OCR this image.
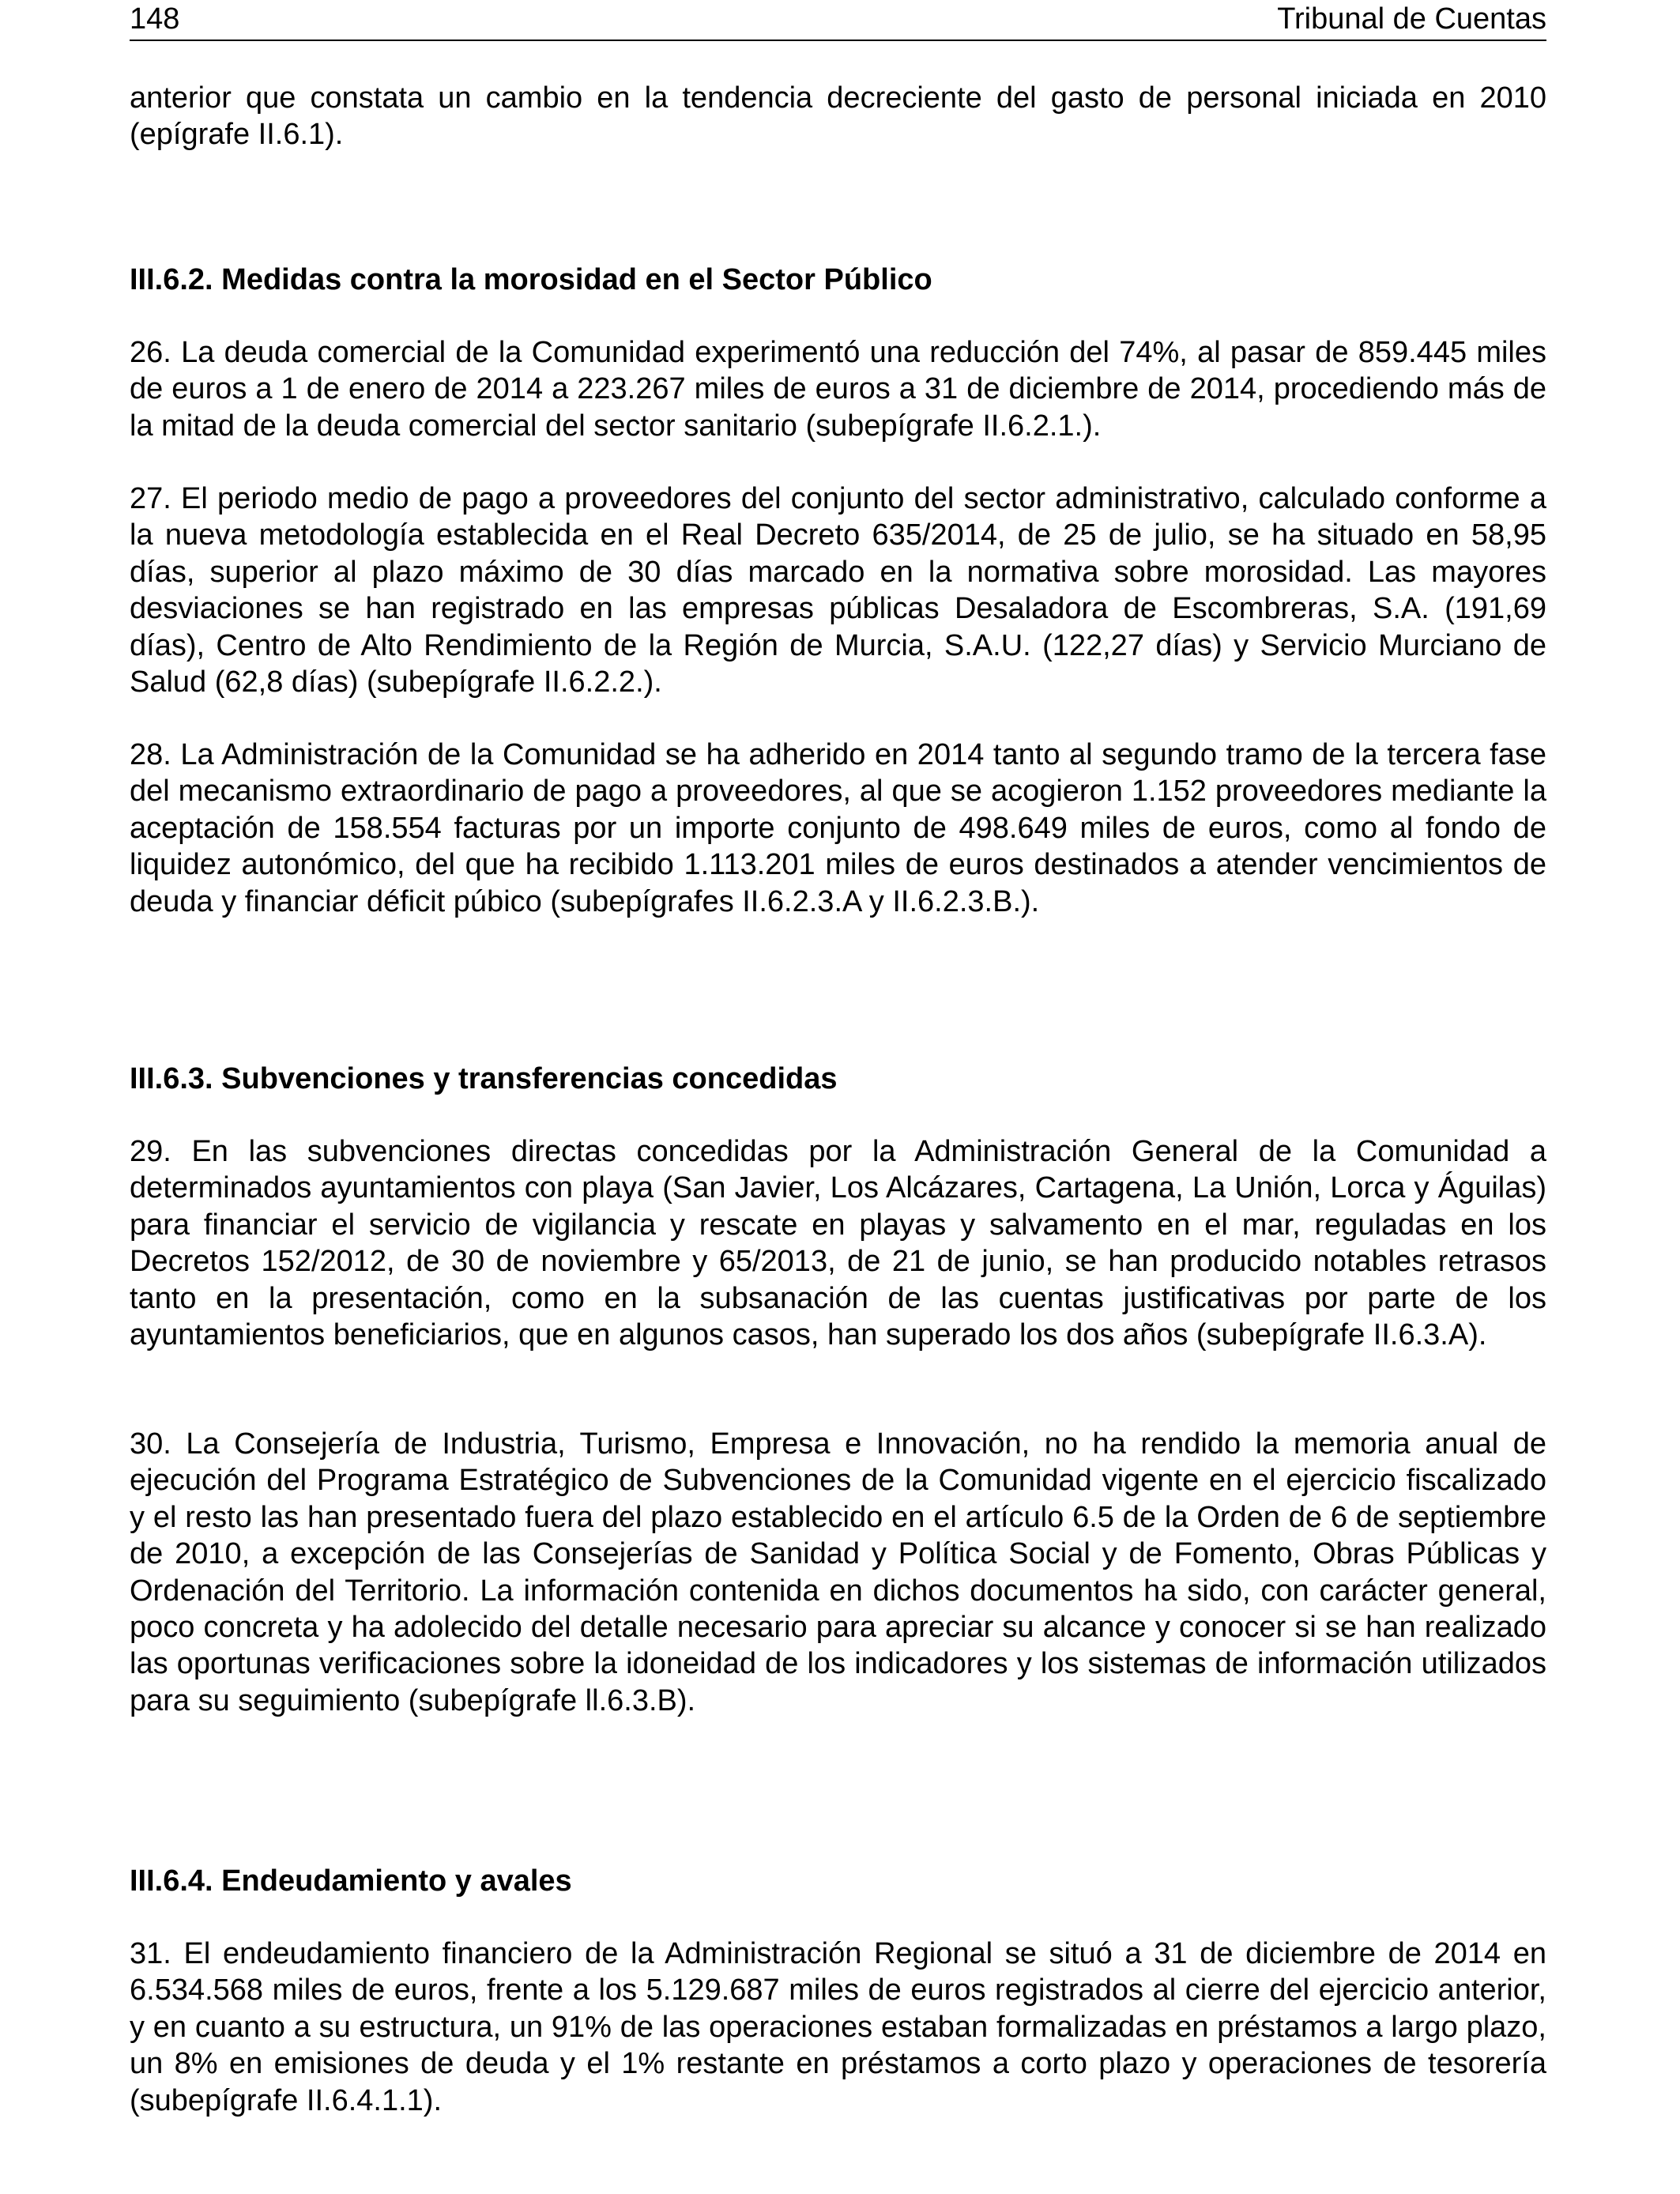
148	Tribunal de Cuentas

anterior que constata un cambio en la tendencia decreciente del gasto de personal iniciada en 2010 (epígrafe II.6.1).

III.6.2. Medidas contra la morosidad en el Sector Público

26. La deuda comercial de la Comunidad experimentó una reducción del 74%, al pasar de 859.445 miles de euros a 1 de enero de 2014 a 223.267 miles de euros a 31 de diciembre de 2014, procediendo más de la mitad de la deuda comercial del sector sanitario (subepígrafe II.6.2.1.).

27. El periodo medio de pago a proveedores del conjunto del sector administrativo, calculado conforme a la nueva metodología establecida en el Real Decreto 635/2014, de 25 de julio, se ha situado en 58,95 días, superior al plazo máximo de 30 días marcado en la normativa sobre morosidad. Las mayores desviaciones se han registrado en las empresas públicas Desaladora de Escombreras, S.A. (191,69 días), Centro de Alto Rendimiento de la Región de Murcia, S.A.U. (122,27 días) y Servicio Murciano de Salud (62,8 días) (subepígrafe II.6.2.2.).

28. La Administración de la Comunidad se ha adherido en 2014 tanto al segundo tramo de la tercera fase del mecanismo extraordinario de pago a proveedores, al que se acogieron 1.152 proveedores mediante la aceptación de 158.554 facturas por un importe conjunto de 498.649 miles de euros, como al fondo de liquidez autonómico, del que ha recibido 1.113.201 miles de euros destinados a atender vencimientos de deuda y financiar déficit púbico (subepígrafes II.6.2.3.A y II.6.2.3.B.).

III.6.3. Subvenciones y transferencias concedidas

29. En las subvenciones directas concedidas por la Administración General de la Comunidad a determinados ayuntamientos con playa (San Javier, Los Alcázares, Cartagena, La Unión, Lorca y Águilas) para financiar el servicio de vigilancia y rescate en playas y salvamento en el mar, reguladas en los Decretos 152/2012, de 30 de noviembre y 65/2013, de 21 de junio, se han producido notables retrasos tanto en la presentación, como en la subsanación de las cuentas justificativas por parte de los ayuntamientos beneficiarios, que en algunos casos, han superado los dos años (subepígrafe II.6.3.A).

30. La Consejería de Industria, Turismo, Empresa e Innovación, no ha rendido la memoria anual de ejecución del Programa Estratégico de Subvenciones de la Comunidad vigente en el ejercicio fiscalizado y el resto las han presentado fuera del plazo establecido en el artículo 6.5 de la Orden de 6 de septiembre de 2010, a excepción de las Consejerías de Sanidad y Política Social y de Fomento, Obras Públicas y Ordenación del Territorio. La información contenida en dichos documentos ha sido, con carácter general, poco concreta y ha adolecido del detalle necesario para apreciar su alcance y conocer si se han realizado las oportunas verificaciones sobre la idoneidad de los indicadores y los sistemas de información utilizados para su seguimiento (subepígrafe ll.6.3.B).

III.6.4. Endeudamiento y avales

31. El endeudamiento financiero de la Administración Regional se situó a 31 de diciembre de 2014 en 6.534.568 miles de euros, frente a los 5.129.687 miles de euros registrados al cierre del ejercicio anterior, y en cuanto a su estructura, un 91% de las operaciones estaban formalizadas en préstamos a largo plazo, un 8% en emisiones de deuda y el 1% restante en préstamos a corto plazo y operaciones de tesorería (subepígrafe II.6.4.1.1).
